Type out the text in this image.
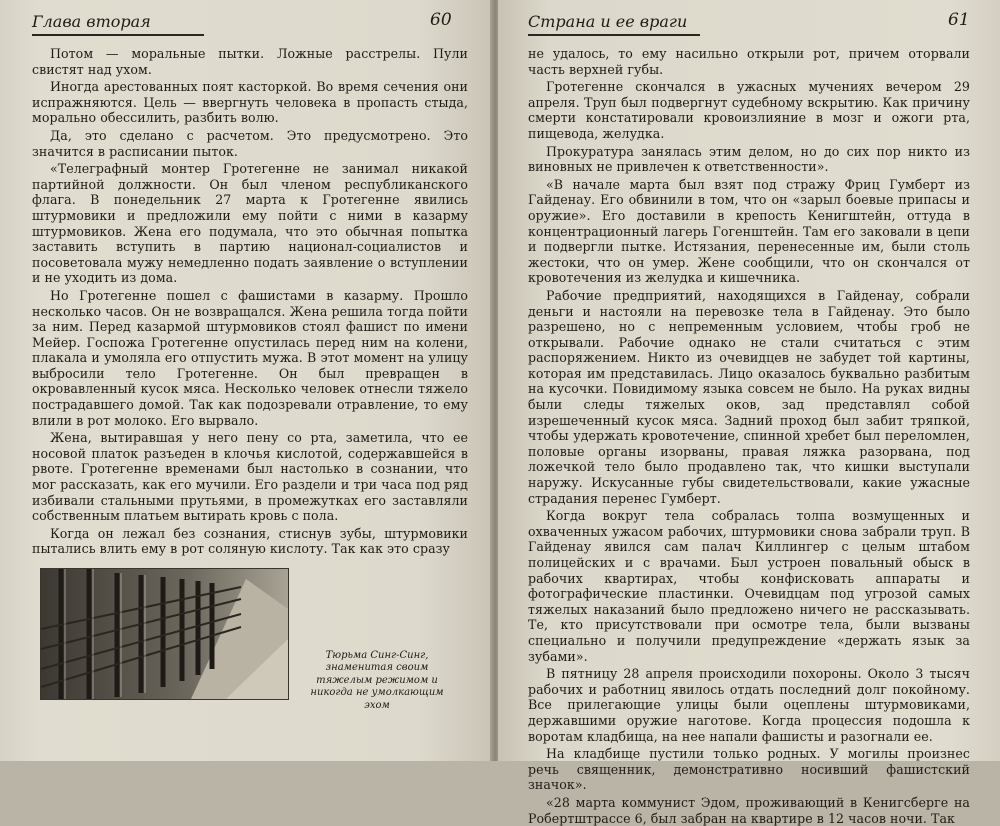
Глава вторая	60

Потом — моральные пытки. Ложные расстрелы. Пули свистят над ухом.

Иногда арестованных поят касторкой. Во время сечения они испражняются. Цель — ввергнуть человека в пропасть стыда, морально обессилить, разбить волю.

Да, это сделано с расчетом. Это предусмотрено. Это значится в расписании пыток.

«Телеграфный монтер Гротегенне не занимал никакой партийной должности. Он был членом республиканского флага. В понедельник 27 марта к Гротегенне явились штурмовики и предложили ему пойти с ними в казарму штурмовиков. Жена его подумала, что это обычная попытка заставить вступить в партию национал-социалистов и посоветовала мужу немедленно подать заявление о вступлении и не уходить из дома.

Но Гротегенне пошел с фашистами в казарму. Прошло несколько часов. Он не возвращался. Жена решила тогда пойти за ним. Перед казармой штурмовиков стоял фашист по имени Мейер. Госпожа Гротегенне опустилась перед ним на колени, плакала и умоляла его отпустить мужа. В этот момент на улицу выбросили тело Гротегенне. Он был превращен в окровавленный кусок мяса. Несколько человек отнесли тяжело пострадавшего домой. Так как подозревали отравление, то ему влили в рот молоко. Его вырвало.

Жена, вытиравшая у него пену со рта, заметила, что ее носовой платок разъеден в клочья кислотой, содержавшейся в рвоте. Гротегенне временами был настолько в сознании, что мог рассказать, как его мучили. Его раздели и три часа под ряд избивали стальными прутьями, в промежутках его заставляли собственным платьем вытирать кровь с пола.

Когда он лежал без сознания, стиснув зубы, штурмовики пытались влить ему в рот соляную кислоту. Так как это сразу

Тюрьма Синг-Синг, знаменитая своим тяжелым режимом и никогда не умолкающим эхом
Страна и ее враги	61

не удалось, то ему насильно открыли рот, причем оторвали часть верхней губы.

Гротегенне скончался в ужасных мучениях вечером 29 апреля. Труп был подвергнут судебному вскрытию. Как причину смерти констатировали кровоизлияние в мозг и ожоги рта, пищевода, желудка.

Прокуратура занялась этим делом, но до сих пор никто из виновных не привлечен к ответственности».

«В начале марта был взят под стражу Фриц Гумберт из Гайденау. Его обвинили в том, что он «зарыл боевые припасы и оружие». Его доставили в крепость Кенигштейн, оттуда в концентрационный лагерь Гогенштейн. Там его заковали в цепи и подвергли пытке. Истязания, перенесенные им, были столь жестоки, что он умер. Жене сообщили, что он скончался от кровотечения из желудка и кишечника.

Рабочие предприятий, находящихся в Гайденау, собрали деньги и настояли на перевозке тела в Гайденау. Это было разрешено, но с непременным условием, чтобы гроб не открывали. Рабочие однако не стали считаться с этим распоряжением. Никто из очевидцев не забудет той картины, которая им представилась. Лицо оказалось буквально разбитым на кусочки. Повидимому языка совсем не было. На руках видны были следы тяжелых оков, зад представлял собой изрешеченный кусок мяса. Задний проход был забит тряпкой, чтобы удержать кровотечение, спинной хребет был переломлен, половые органы изорваны, правая ляжка разорвана, под ложечкой тело было продавлено так, что кишки выступали наружу. Искусанные губы свидетельствовали, какие ужасные страдания перенес Гумберт.

Когда вокруг тела собралась толпа возмущенных и охваченных ужасом рабочих, штурмовики снова забрали труп. В Гайденау явился сам палач Киллингер с целым штабом полицейских и с врачами. Был устроен повальный обыск в рабочих квартирах, чтобы конфисковать аппараты и фотографические пластинки. Очевидцам под угрозой самых тяжелых наказаний было предложено ничего не рассказывать. Те, кто присутствовали при осмотре тела, были вызваны специально и получили предупреждение «держать язык за зубами».

В пятницу 28 апреля происходили похороны. Около 3 тысяч рабочих и работниц явилось отдать последний долг покойному. Все прилегающие улицы были оцеплены штурмовиками, державшими оружие наготове. Когда процессия подошла к воротам кладбища, на нее напали фашисты и разогнали ее.

На кладбище пустили только родных. У могилы произнес речь священник, демонстративно носивший фашистский значок».

«28 марта коммунист Эдом, проживающий в Кенигсберге на Робертштрассе 6, был забран на квартире в 12 часов ночи. Так
